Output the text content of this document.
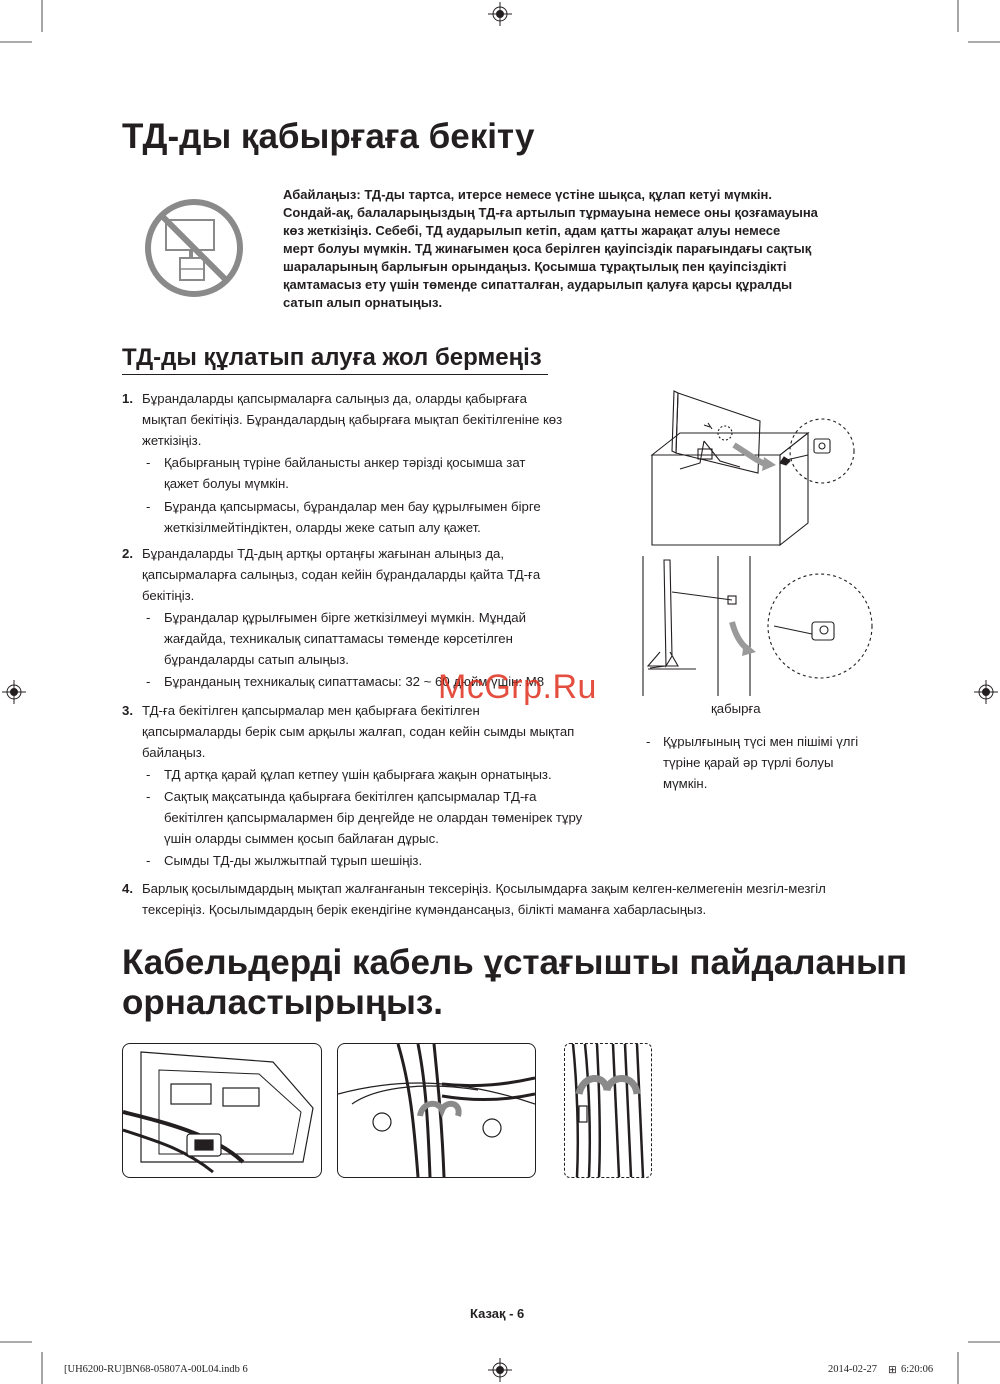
ТД-ды қабырғаға бекіту
Абайлаңыз: ТД-ды тартса, итерсе немесе үстіне шықса, құлап кетуі мүмкін.
Сондай-ақ, балаларыңыздың ТД-ға артылып тұрмауына немесе оны қозғамауына
көз жеткізіңіз. Себебі, ТД аударылып кетіп, адам қатты жарақат алуы немесе
мерт болуы мүмкін. ТД жинағымен қоса берілген қауіпсіздік парағындағы сақтық
шараларының барлығын орындаңыз. Қосымша тұрақтылық пен қауіпсіздікті
қамтамасыз ету үшін төменде сипатталған, аударылып қалуға қарсы құралды
сатып алып орнатыңыз.
ТД-ды құлатып алуға жол бермеңіз
1. Бұрандаларды қапсырмаларға салыңыз да, оларды қабырғаға
мықтап бекітіңіз. Бұрандалардың қабырғаға мықтап бекітілгеніне көз
жеткізіңіз.
- Қабырғаның түріне байланысты анкер тәрізді қосымша зат
қажет болуы мүмкін.
- Бұранда қапсырмасы, бұрандалар мен бау құрылғымен бірге
жеткізілмейтіндіктен, оларды жеке сатып алу қажет.
2. Бұрандаларды ТД-дың артқы ортаңғы жағынан алыңыз да,
қапсырмаларға салыңыз, содан кейін бұрандаларды қайта ТД-ға
бекітіңіз.
- Бұрандалар құрылғымен бірге жеткізілмеуі мүмкін. Мұндай
жағдайда, техникалық сипаттамасы төменде көрсетілген
бұрандаларды сатып алыңыз.
- Бұранданың техникалық сипаттамасы: 32 ~ 60 дюйм үшін: M8
3. ТД-ға бекітілген қапсырмалар мен қабырғаға бекітілген
қапсырмаларды берік сым арқылы жалғап, содан кейін сымды мықтап
байлаңыз.
- ТД артқа қарай құлап кетпеу үшін қабырғаға жақын орнатыңыз.
- Сақтық мақсатында қабырғаға бекітілген қапсырмалар ТД-ға
бекітілген қапсырмалармен бір деңгейде не олардан төменірек тұру
үшін оларды сыммен қосып байлаған дұрыс.
- Сымды ТД-ды жылжытпай тұрып шешіңіз.
4. Барлық қосылымдардың мықтап жалғанғанын тексеріңіз. Қосылымдарға зақым келген-келмегенін мезгіл-мезгіл
тексеріңіз. Қосылымдардың берік екендігіне күмәндансаңыз, білікті маманға хабарласыңыз.
қабырға
- Құрылғының түсі мен пішімі үлгі
түріне қарай әр түрлі болуы
мүмкін.
McGrp.Ru
Кабельдерді кабель ұстағышты пайдаланып
орналастырыңыз.
Казақ - 6
[UH6200-RU]BN68-05807A-00L04.indb 6	2014-02-27 ⊞ 6:20:06
